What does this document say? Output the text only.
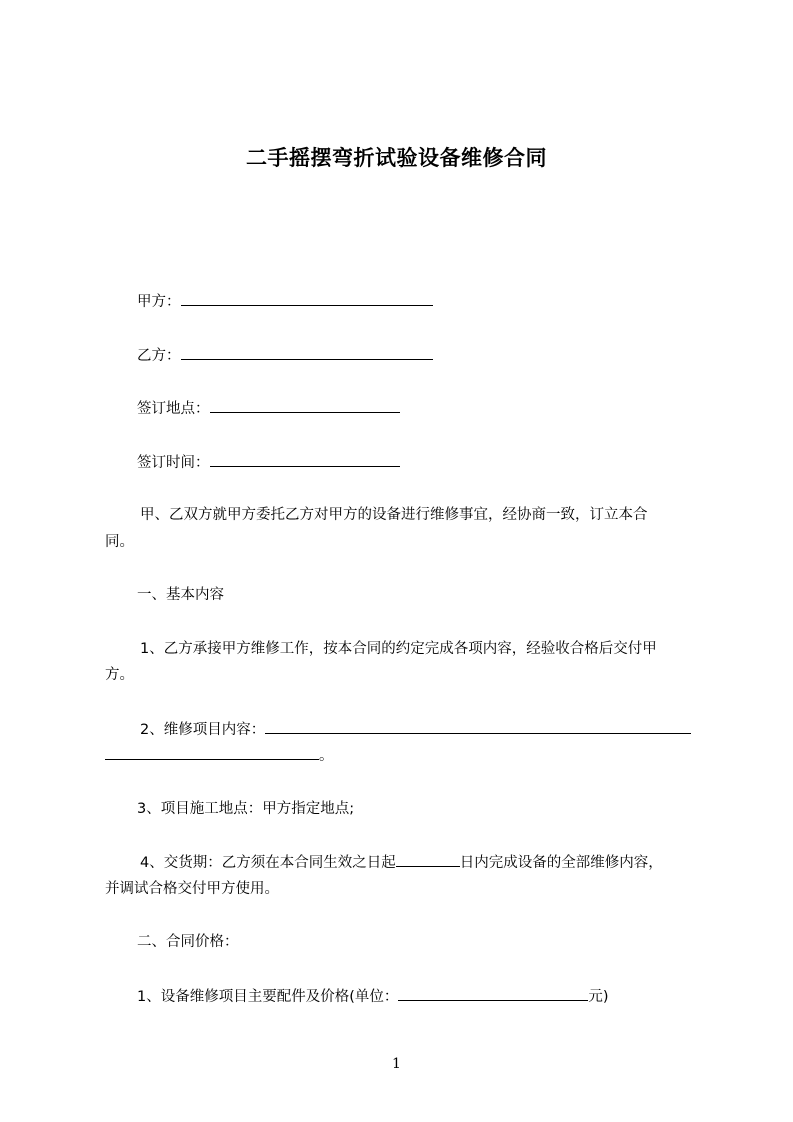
二手摇摆弯折试验设备维修合同
甲方：
乙方：
签订地点：
签订时间：
甲、乙双方就甲方委托乙方对甲方的设备进行维修事宜，经协商一致，订立本合
同。
一、基本内容
1、乙方承接甲方维修工作，按本合同的约定完成各项内容，经验收合格后交付甲
方。
2、维修项目内容：
。
3、项目施工地点：甲方指定地点;
4、交货期：乙方须在本合同生效之日起	日内完成设备的全部维修内容，
并调试合格交付甲方使用。
二、合同价格：
1、设备维修项目主要配件及价格(单位：	元)
1
